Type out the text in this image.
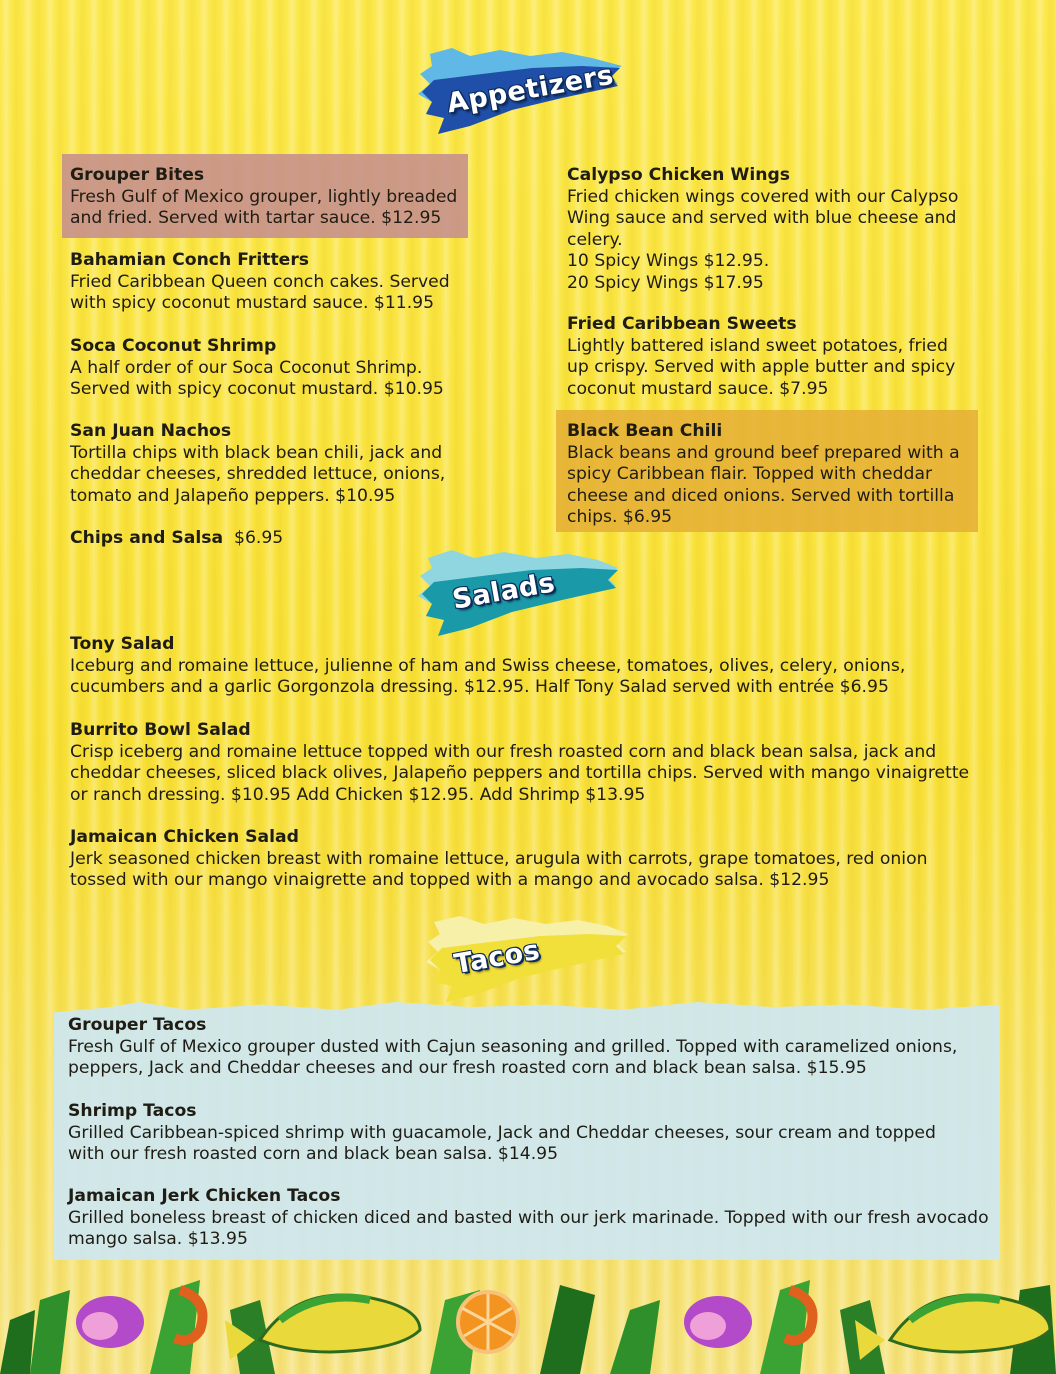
Appetizers
Grouper Bites
Fresh Gulf of Mexico grouper, lightly breaded
and fried. Served with tartar sauce. $12.95
Bahamian Conch Fritters
Fried Caribbean Queen conch cakes. Served
with spicy coconut mustard sauce. $11.95
Soca Coconut Shrimp
A half order of our Soca Coconut Shrimp.
Served with spicy coconut mustard. $10.95
San Juan Nachos
Tortilla chips with black bean chili, jack and
cheddar cheeses, shredded lettuce, onions,
tomato and Jalapeño peppers. $10.95
Chips and Salsa $6.95
Calypso Chicken Wings
Fried chicken wings covered with our Calypso
Wing sauce and served with blue cheese and
celery.
10 Spicy Wings $12.95.
20 Spicy Wings $17.95
Fried Caribbean Sweets
Lightly battered island sweet potatoes, fried
up crispy. Served with apple butter and spicy
coconut mustard sauce. $7.95
Black Bean Chili
Black beans and ground beef prepared with a
spicy Caribbean flair. Topped with cheddar
cheese and diced onions. Served with tortilla
chips. $6.95
Salads
Tony Salad
Iceburg and romaine lettuce, julienne of ham and Swiss cheese, tomatoes, olives, celery, onions,
cucumbers and a garlic Gorgonzola dressing. $12.95. Half Tony Salad served with entrée $6.95
Burrito Bowl Salad
Crisp iceberg and romaine lettuce topped with our fresh roasted corn and black bean salsa, jack and
cheddar cheeses, sliced black olives, Jalapeño peppers and tortilla chips. Served with mango vinaigrette
or ranch dressing. $10.95 Add Chicken $12.95. Add Shrimp $13.95
Jamaican Chicken Salad
Jerk seasoned chicken breast with romaine lettuce, arugula with carrots, grape tomatoes, red onion
tossed with our mango vinaigrette and topped with a mango and avocado salsa. $12.95
Tacos
Grouper Tacos
Fresh Gulf of Mexico grouper dusted with Cajun seasoning and grilled. Topped with caramelized onions,
peppers, Jack and Cheddar cheeses and our fresh roasted corn and black bean salsa. $15.95
Shrimp Tacos
Grilled Caribbean-spiced shrimp with guacamole, Jack and Cheddar cheeses, sour cream and topped
with our fresh roasted corn and black bean salsa. $14.95
Jamaican Jerk Chicken Tacos
Grilled boneless breast of chicken diced and basted with our jerk marinade. Topped with our fresh avocado
mango salsa. $13.95
